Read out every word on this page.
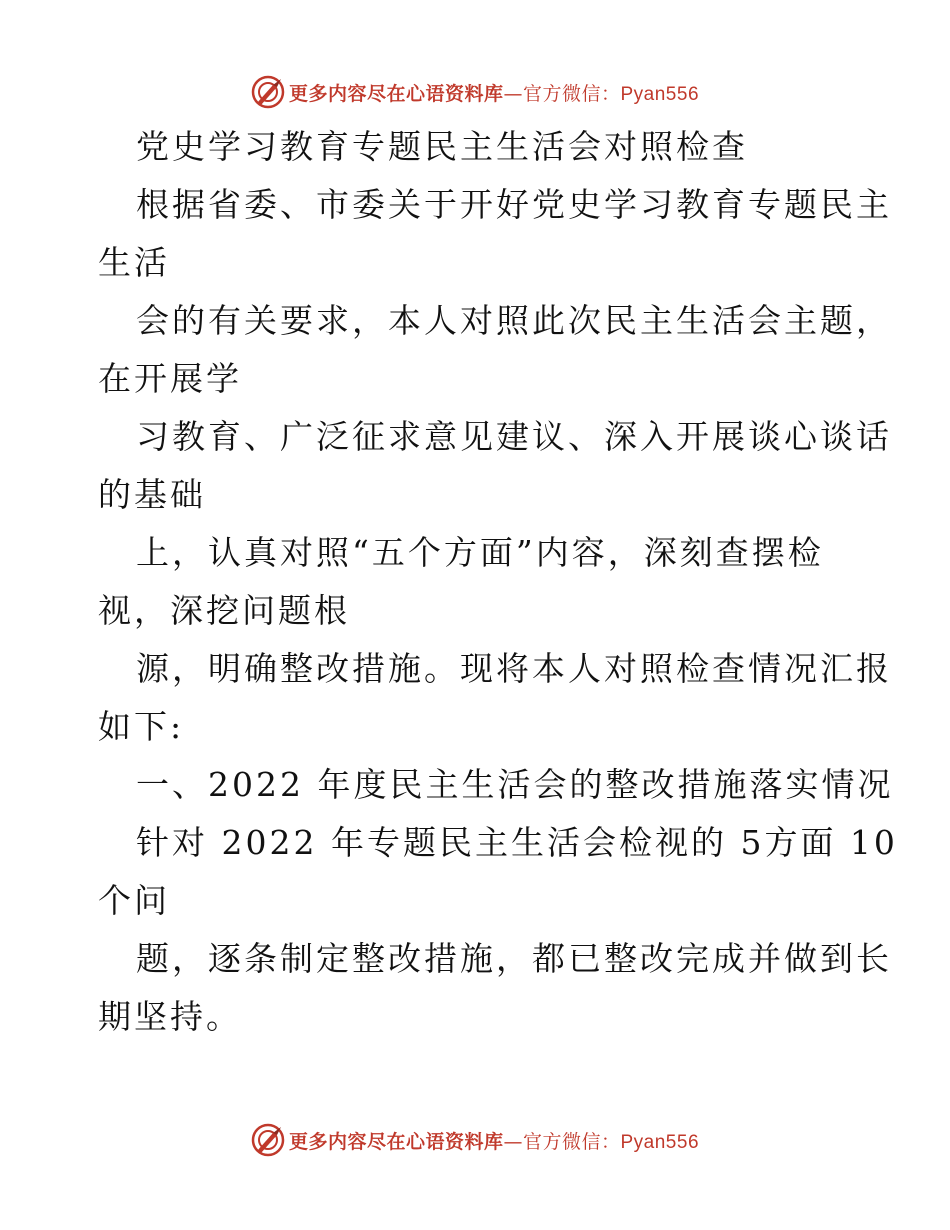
更多内容尽在心语资料库—官方微信：Pyan556
党史学习教育专题民主生活会对照检查
根据省委、市委关于开好党史学习教育专题民主
生活
会的有关要求，本人对照此次民主生活会主题，
在开展学
习教育、广泛征求意见建议、深入开展谈心谈话
的基础
上，认真对照“五个方面”内容，深刻查摆检
视，深挖问题根
源，明确整改措施。现将本人对照检查情况汇报
如下:
一、2022 年度民主生活会的整改措施落实情况
针对 2022 年专题民主生活会检视的 5方面 10
个问
题，逐条制定整改措施，都已整改完成并做到长
期坚持。
更多内容尽在心语资料库—官方微信：Pyan556
